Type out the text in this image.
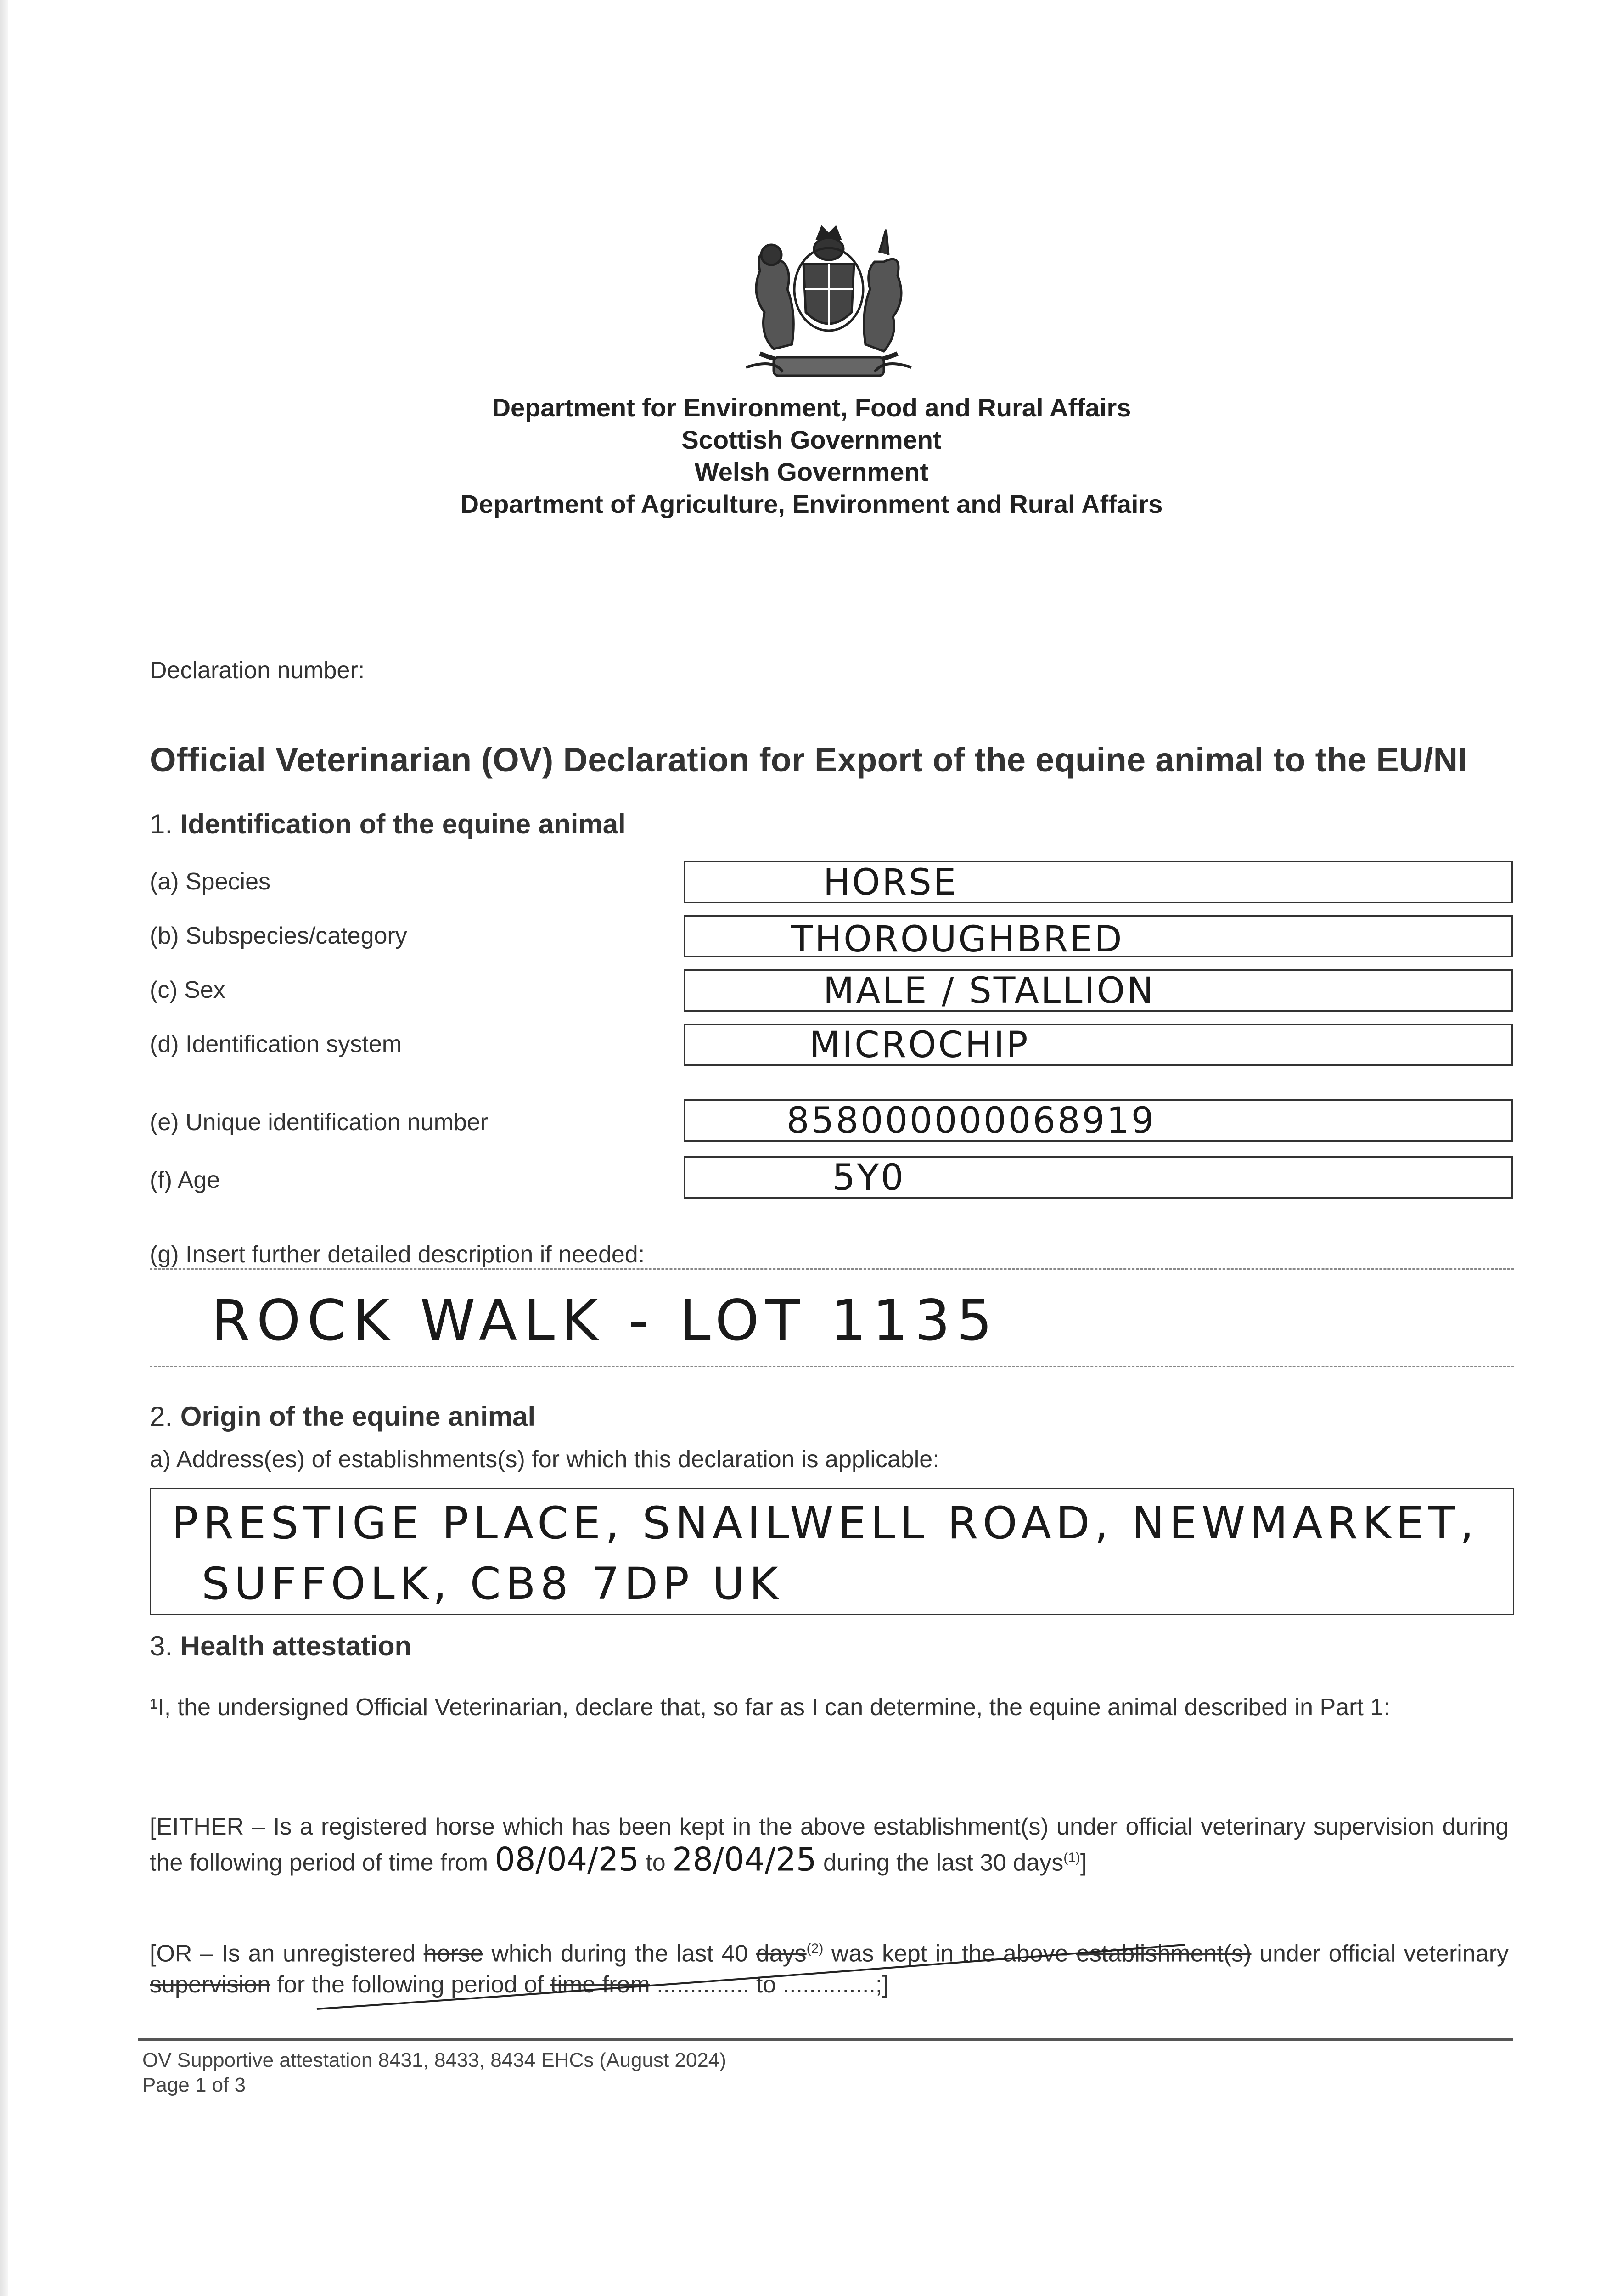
Department for Environment, Food and Rural Affairs
Scottish Government
Welsh Government
Department of Agriculture, Environment and Rural Affairs
Declaration number:
Official Veterinarian (OV) Declaration for Export of the equine animal to the EU/NI
1. Identification of the equine animal
(a) Species	HORSE
(b) Subspecies/category	THOROUGHBRED
(c) Sex	MALE / STALLION
(d) Identification system	MICROCHIP
(e) Unique identification number	858000000068919
(f) Age	5Y0
(g) Insert further detailed description if needed:
ROCK WALK - LOT 1135
2. Origin of the equine animal
a) Address(es) of establishments(s) for which this declaration is applicable:
PRESTIGE PLACE, SNAILWELL ROAD, NEWMARKET,
SUFFOLK, CB8 7DP UK
3. Health attestation
¹I, the undersigned Official Veterinarian, declare that, so far as I can determine, the equine animal described in Part 1:
[EITHER – Is a registered horse which has been kept in the above establishment(s) under official veterinary supervision during the following period of time from 08/04/25 to 28/04/25 during the last 30 days$^{(1)}$]
[OR – Is an unregistered horse which during the last 40 days$^{(2)}$ was kept in the above establishment(s) under official veterinary supervision for the following period of time from .............. to ..............;]
OV Supportive attestation 8431, 8433, 8434 EHCs (August 2024)
Page 1 of 3
